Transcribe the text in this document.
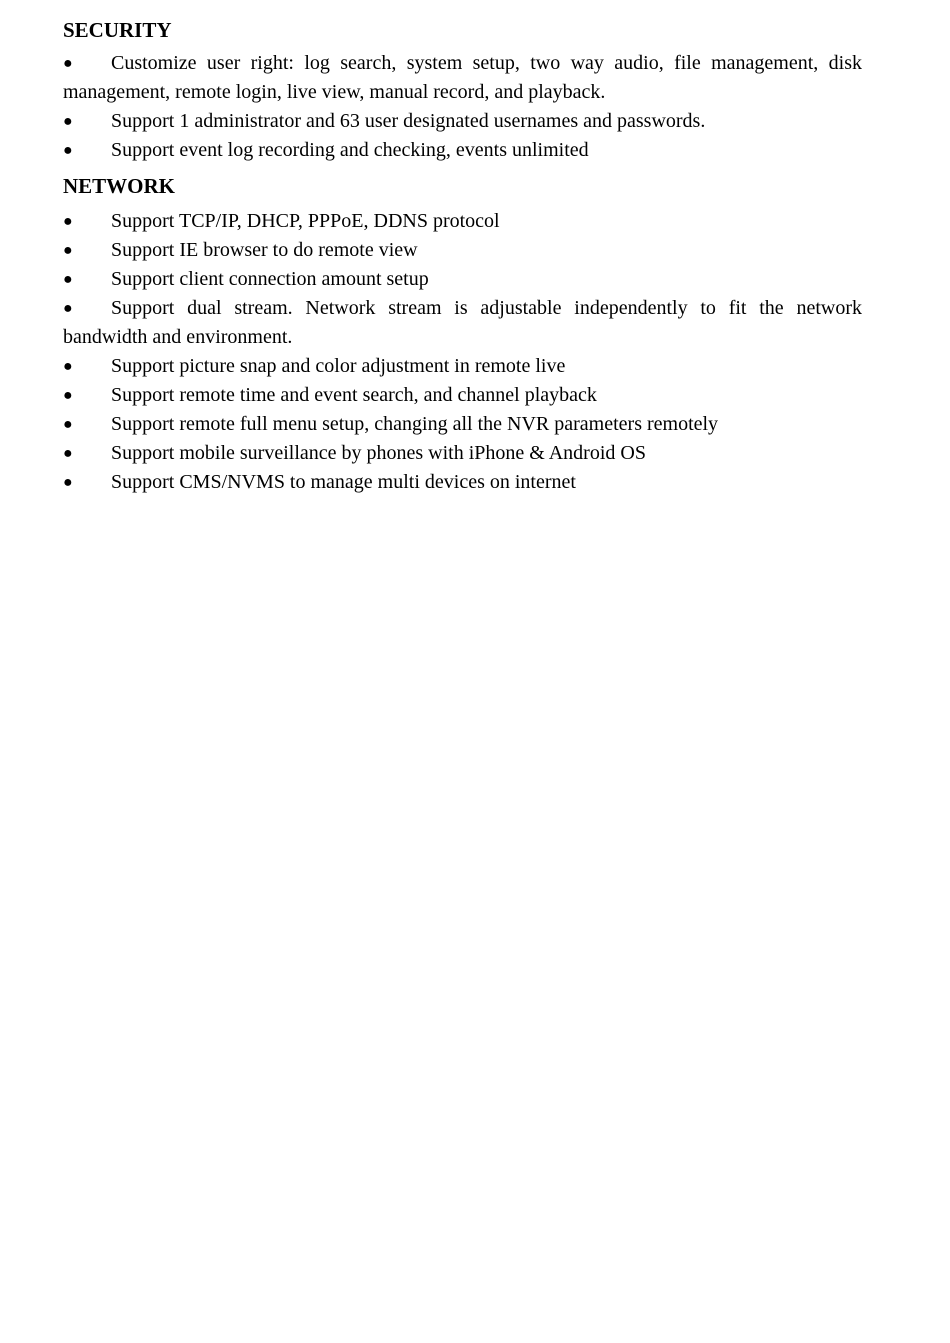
SECURITY
● Customize user right: log search, system setup, two way audio, file management, disk management, remote login, live view, manual record, and playback.
● Support 1 administrator and 63 user designated usernames and passwords.
● Support event log recording and checking, events unlimited
NETWORK
● Support TCP/IP, DHCP, PPPoE, DDNS protocol
● Support IE browser to do remote view
● Support client connection amount setup
● Support dual stream. Network stream is adjustable independently to fit the network bandwidth and environment.
● Support picture snap and color adjustment in remote live
● Support remote time and event search, and channel playback
● Support remote full menu setup, changing all the NVR parameters remotely
● Support mobile surveillance by phones with iPhone & Android OS
● Support CMS/NVMS to manage multi devices on internet
